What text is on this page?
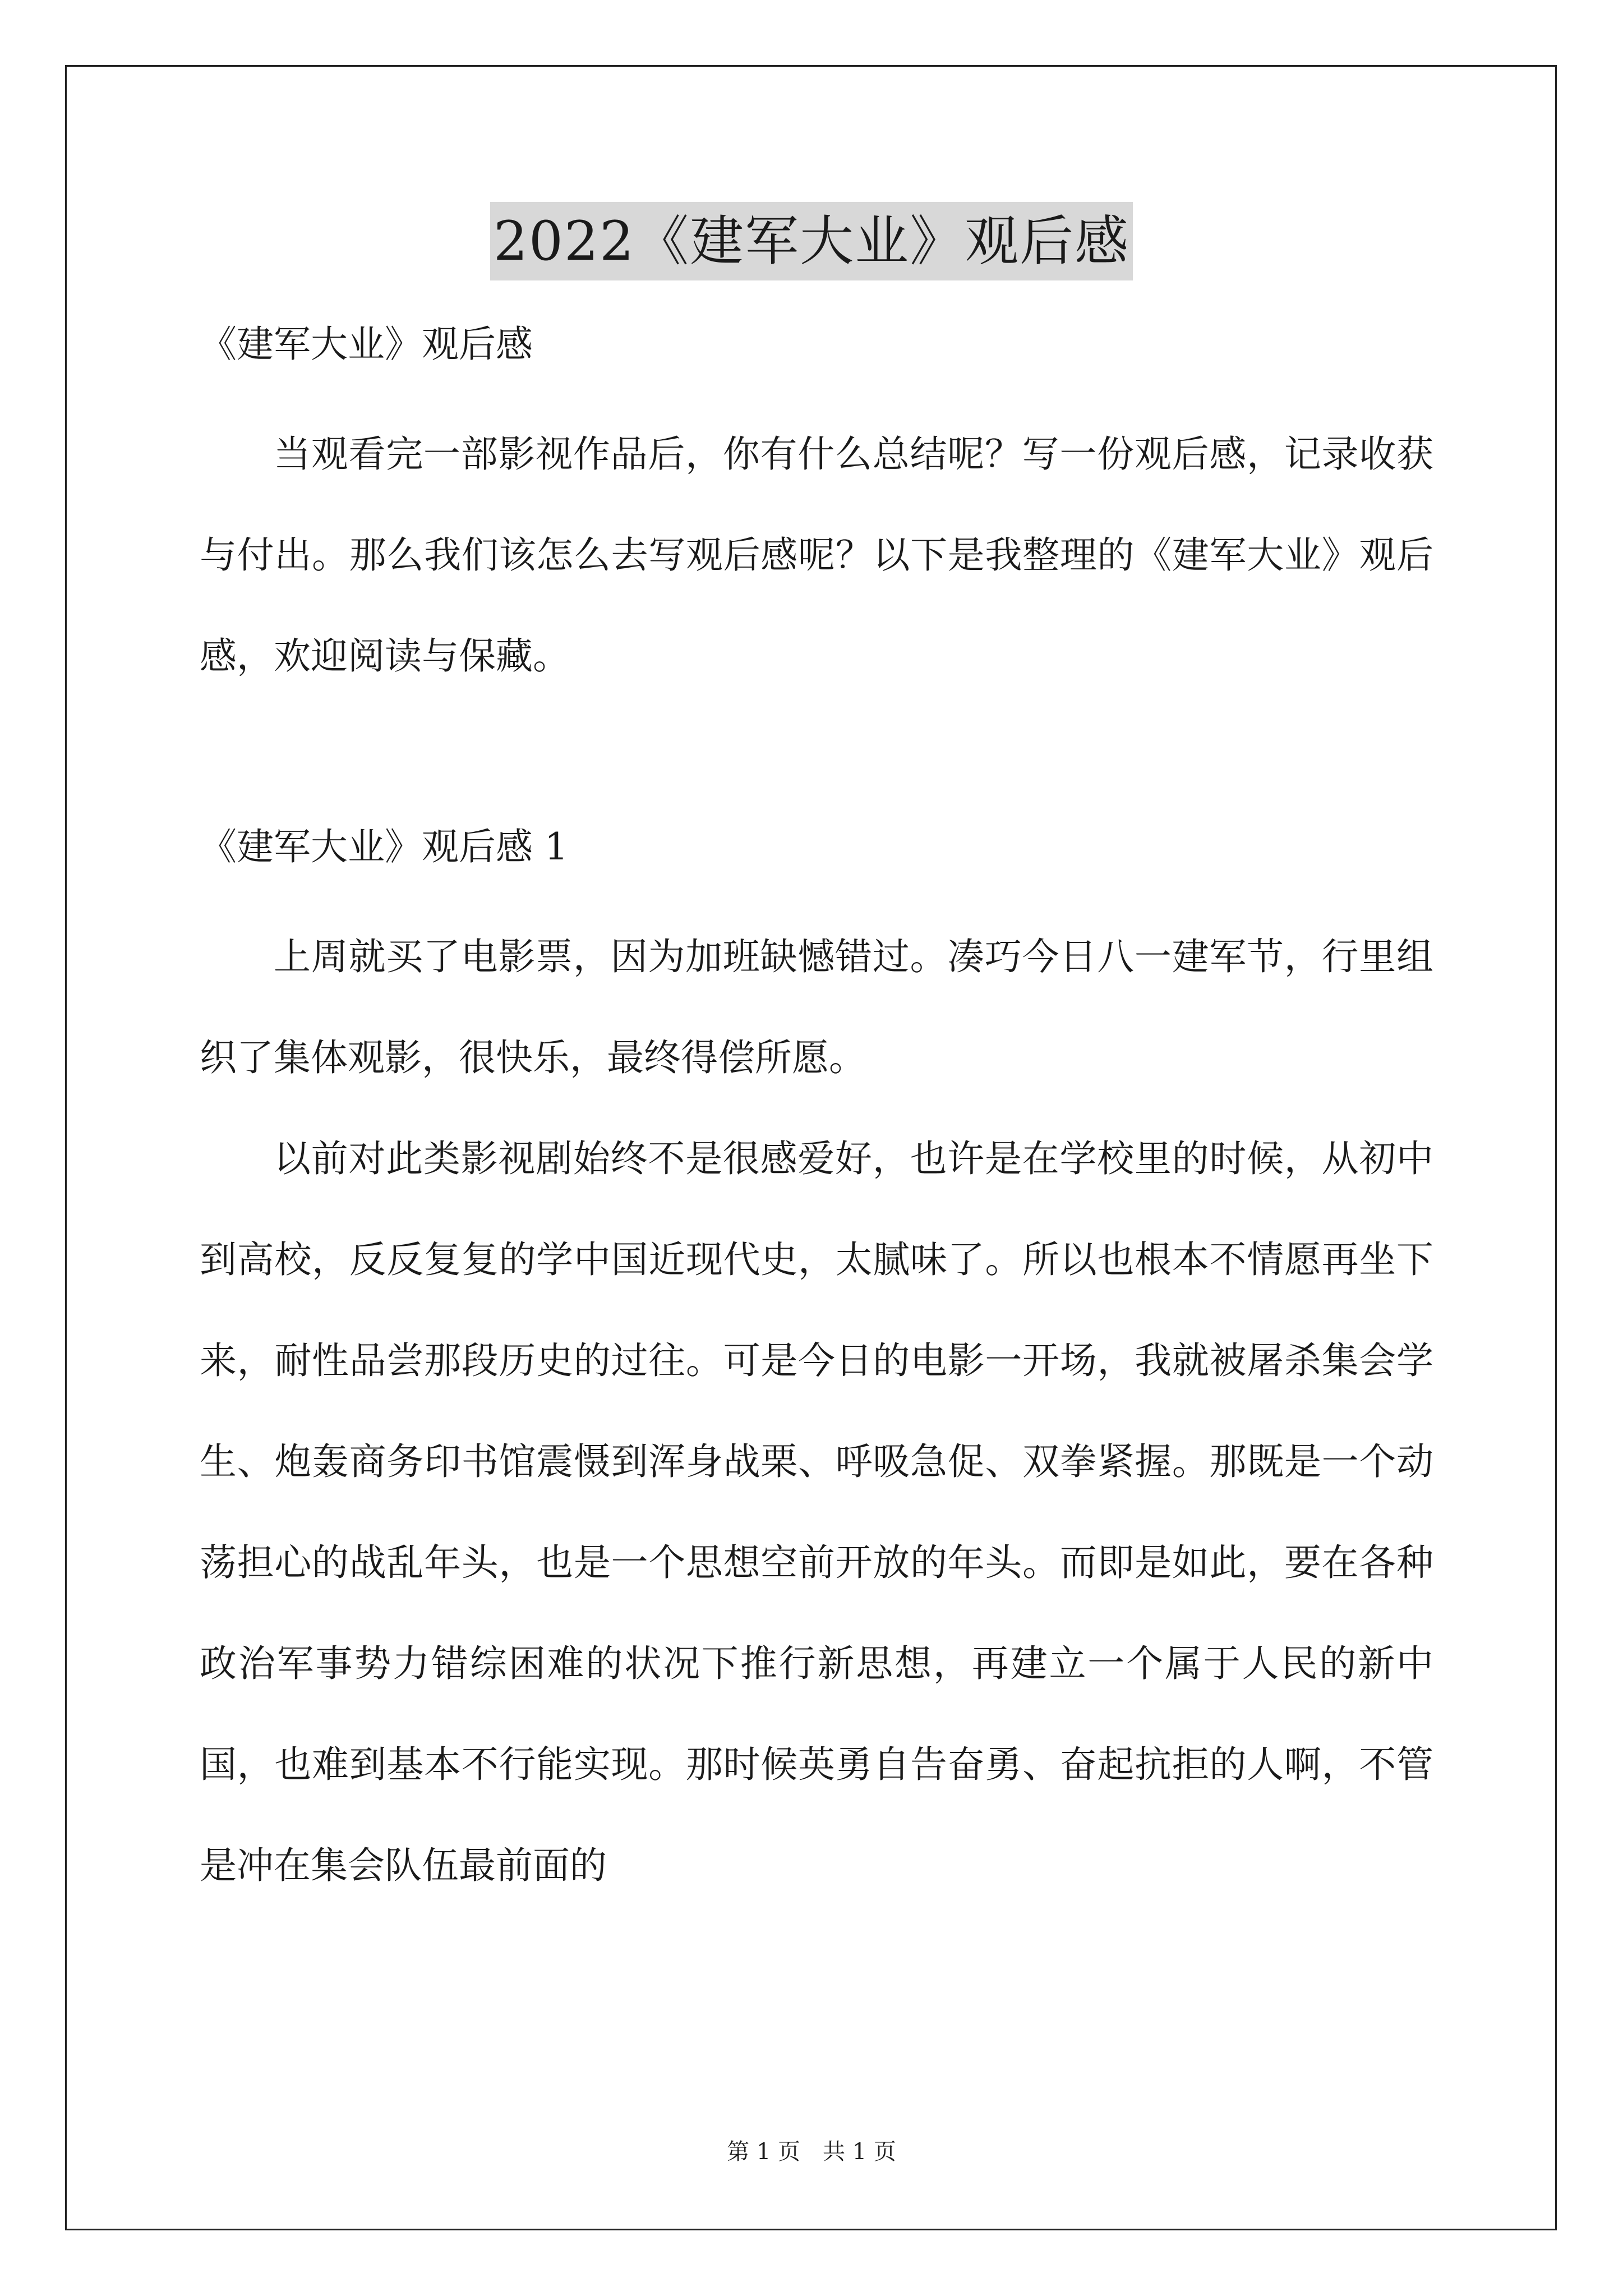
2022《建军大业》观后感
《建军大业》观后感

当观看完一部影视作品后，你有什么总结呢？写一份观后感，记录收获与付出。那么我们该怎么去写观后感呢？以下是我整理的《建军大业》观后感，欢迎阅读与保藏。

《建军大业》观后感 1

上周就买了电影票，因为加班缺憾错过。凑巧今日八一建军节，行里组织了集体观影，很快乐，最终得偿所愿。

以前对此类影视剧始终不是很感爱好，也许是在学校里的时候，从初中到高校，反反复复的学中国近现代史，太腻味了。所以也根本不情愿再坐下来，耐性品尝那段历史的过往。可是今日的电影一开场，我就被屠杀集会学生、炮轰商务印书馆震慑到浑身战栗、呼吸急促、双拳紧握。那既是一个动荡担心的战乱年头，也是一个思想空前开放的年头。而即是如此，要在各种政治军事势力错综困难的状况下推行新思想，再建立一个属于人民的新中国，也难到基本不行能实现。那时候英勇自告奋勇、奋起抗拒的人啊，不管是冲在集会队伍最前面的

第 1 页　共 1 页
